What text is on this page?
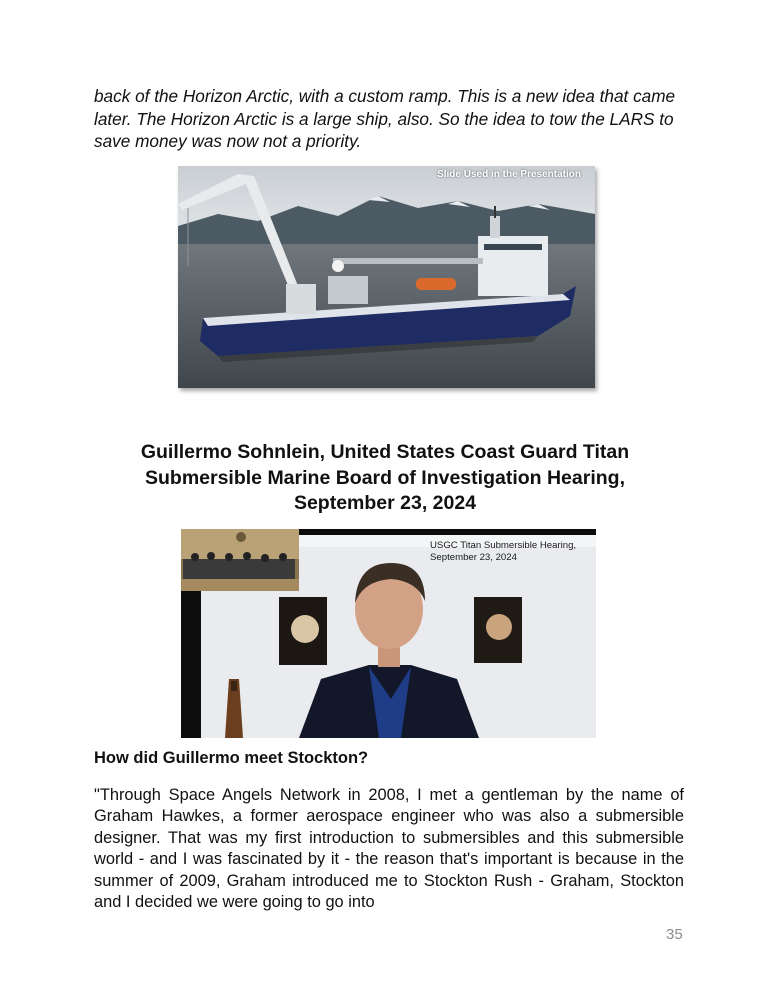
back of the Horizon Arctic, with a custom ramp. This is a new idea that came later. The Horizon Arctic is a large ship, also. So the idea to tow the LARS to save money was now not a priority.

Slide Used in the Presentation
Guillermo Sohnlein, United States Coast Guard Titan
Submersible Marine Board of Investigation Hearing,
September 23, 2024
USGC Titan Submersible Hearing,
September 23, 2024

How did Guillermo meet Stockton?

"Through Space Angels Network in 2008, I met a gentleman by the name of Graham Hawkes, a former aerospace engineer who was also a submersible designer. That was my first introduction to submersibles and this submersible world - and I was fascinated by it - the reason that's important is because in the summer of 2009, Graham introduced me to Stockton Rush - Graham, Stockton and I decided we were going to go into

35
